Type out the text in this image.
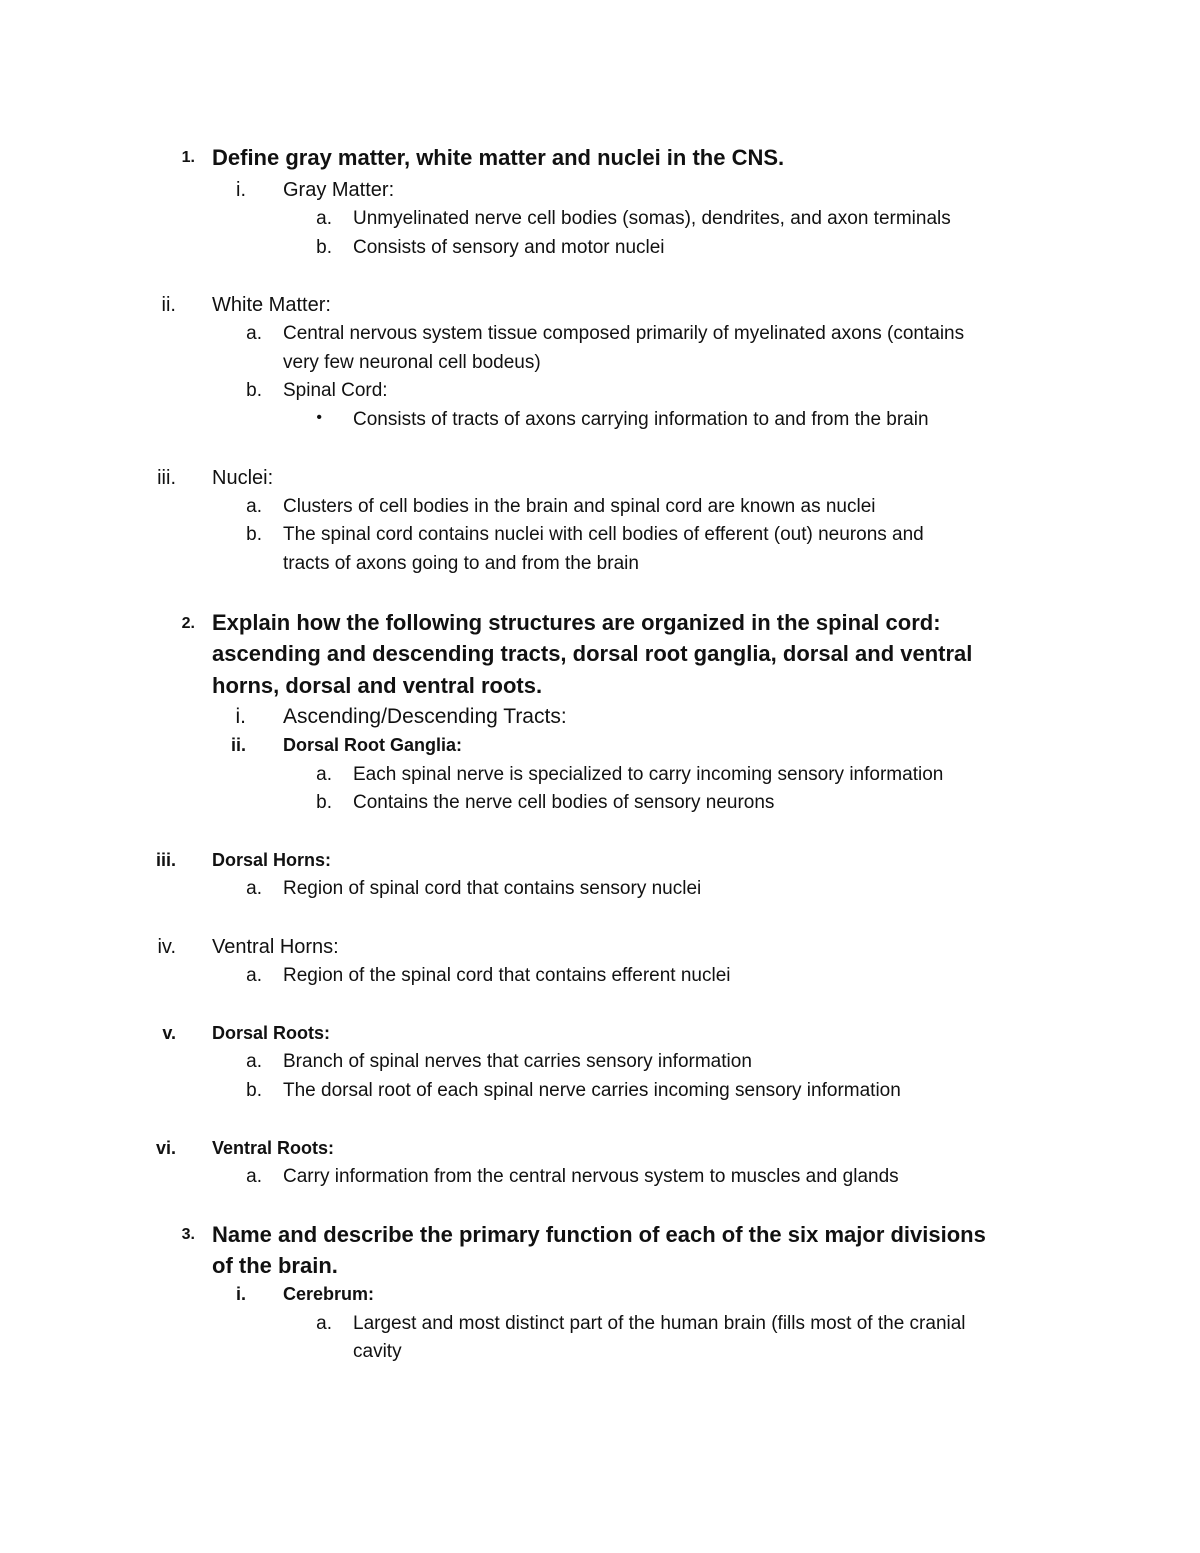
1. Define gray matter, white matter and nuclei in the CNS.
i. Gray Matter:
a. Unmyelinated nerve cell bodies (somas), dendrites, and axon terminals
b. Consists of sensory and motor nuclei
ii. White Matter:
a. Central nervous system tissue composed primarily of myelinated axons (contains
very few neuronal cell bodeus)
b. Spinal Cord:
• Consists of tracts of axons carrying information to and from the brain
iii. Nuclei:
a. Clusters of cell bodies in the brain and spinal cord are known as nuclei
b. The spinal cord contains nuclei with cell bodies of efferent (out) neurons and
tracts of axons going to and from the brain
2. Explain how the following structures are organized in the spinal cord:
ascending and descending tracts, dorsal root ganglia, dorsal and ventral
horns, dorsal and ventral roots.
i. Ascending/Descending Tracts:
ii. Dorsal Root Ganglia:
a. Each spinal nerve is specialized to carry incoming sensory information
b. Contains the nerve cell bodies of sensory neurons
iii. Dorsal Horns:
a. Region of spinal cord that contains sensory nuclei
iv. Ventral Horns:
a. Region of the spinal cord that contains efferent nuclei
v. Dorsal Roots:
a. Branch of spinal nerves that carries sensory information
b. The dorsal root of each spinal nerve carries incoming sensory information
vi. Ventral Roots:
a. Carry information from the central nervous system to muscles and glands
3. Name and describe the primary function of each of the six major divisions
of the brain.
i. Cerebrum:
a. Largest and most distinct part of the human brain (fills most of the cranial
cavity
